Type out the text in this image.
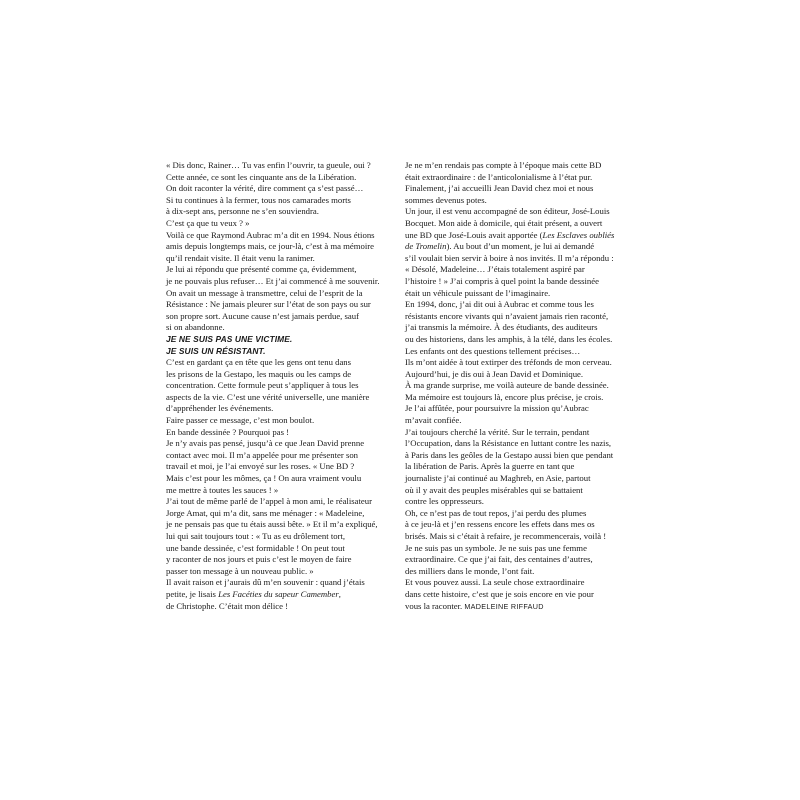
« Dis donc, Rainer… Tu vas enfin l’ouvrir, ta gueule, oui ?
Cette année, ce sont les cinquante ans de la Libération.
On doit raconter la vérité, dire comment ça s’est passé…
Si tu continues à la fermer, tous nos camarades morts
à dix-sept ans, personne ne s’en souviendra.
C’est ça que tu veux ? »
Voilà ce que Raymond Aubrac m’a dit en 1994. Nous étions
amis depuis longtemps mais, ce jour-là, c’est à ma mémoire
qu’il rendait visite. Il était venu la ranimer.
Je lui ai répondu que présenté comme ça, évidemment,
je ne pouvais plus refuser… Et j’ai commencé à me souvenir.
On avait un message à transmettre, celui de l’esprit de la
Résistance : Ne jamais pleurer sur l’état de son pays ou sur
son propre sort. Aucune cause n’est jamais perdue, sauf
si on abandonne.
JE NE SUIS PAS UNE VICTIME.
JE SUIS UN RÉSISTANT.
C’est en gardant ça en tête que les gens ont tenu dans
les prisons de la Gestapo, les maquis ou les camps de
concentration. Cette formule peut s’appliquer à tous les
aspects de la vie. C’est une vérité universelle, une manière
d’appréhender les événements.
Faire passer ce message, c’est mon boulot.
En bande dessinée ? Pourquoi pas !
Je n’y avais pas pensé, jusqu’à ce que Jean David prenne
contact avec moi. Il m’a appelée pour me présenter son
travail et moi, je l’ai envoyé sur les roses. « Une BD ?
Mais c’est pour les mômes, ça ! On aura vraiment voulu
me mettre à toutes les sauces ! »
J’ai tout de même parlé de l’appel à mon ami, le réalisateur
Jorge Amat, qui m’a dit, sans me ménager : « Madeleine,
je ne pensais pas que tu étais aussi bête. » Et il m’a expliqué,
lui qui sait toujours tout : « Tu as eu drôlement tort,
une bande dessinée, c’est formidable ! On peut tout
y raconter de nos jours et puis c’est le moyen de faire
passer ton message à un nouveau public. »
Il avait raison et j’aurais dû m’en souvenir : quand j’étais
petite, je lisais Les Facéties du sapeur Camember,
de Christophe. C’était mon délice !
Je ne m’en rendais pas compte à l’époque mais cette BD
était extraordinaire : de l’anticolonialisme à l’état pur.
Finalement, j’ai accueilli Jean David chez moi et nous
sommes devenus potes.
Un jour, il est venu accompagné de son éditeur, José-Louis
Bocquet. Mon aide à domicile, qui était présent, a ouvert
une BD que José-Louis avait apportée (Les Esclaves oubliés
de Tromelin). Au bout d’un moment, je lui ai demandé
s’il voulait bien servir à boire à nos invités. Il m’a répondu :
« Désolé, Madeleine… J’étais totalement aspiré par
l’histoire ! » J’ai compris à quel point la bande dessinée
était un véhicule puissant de l’imaginaire.
En 1994, donc, j’ai dit oui à Aubrac et comme tous les
résistants encore vivants qui n’avaient jamais rien raconté,
j’ai transmis la mémoire. À des étudiants, des auditeurs
ou des historiens, dans les amphis, à la télé, dans les écoles.
Les enfants ont des questions tellement précises…
Ils m’ont aidée à tout extirper des tréfonds de mon cerveau.
Aujourd’hui, je dis oui à Jean David et Dominique.
À ma grande surprise, me voilà auteure de bande dessinée.
Ma mémoire est toujours là, encore plus précise, je crois.
Je l’ai affûtée, pour poursuivre la mission qu’Aubrac
m’avait confiée.
J’ai toujours cherché la vérité. Sur le terrain, pendant
l’Occupation, dans la Résistance en luttant contre les nazis,
à Paris dans les geôles de la Gestapo aussi bien que pendant
la libération de Paris. Après la guerre en tant que
journaliste j’ai continué au Maghreb, en Asie, partout
où il y avait des peuples misérables qui se battaient
contre les oppresseurs.
Oh, ce n’est pas de tout repos, j’ai perdu des plumes
à ce jeu-là et j’en ressens encore les effets dans mes os
brisés. Mais si c’était à refaire, je recommencerais, voilà !
Je ne suis pas un symbole. Je ne suis pas une femme
extraordinaire. Ce que j’ai fait, des centaines d’autres,
des milliers dans le monde, l’ont fait.
Et vous pouvez aussi. La seule chose extraordinaire
dans cette histoire, c’est que je sois encore en vie pour
vous la raconter. MADELEINE RIFFAUD
